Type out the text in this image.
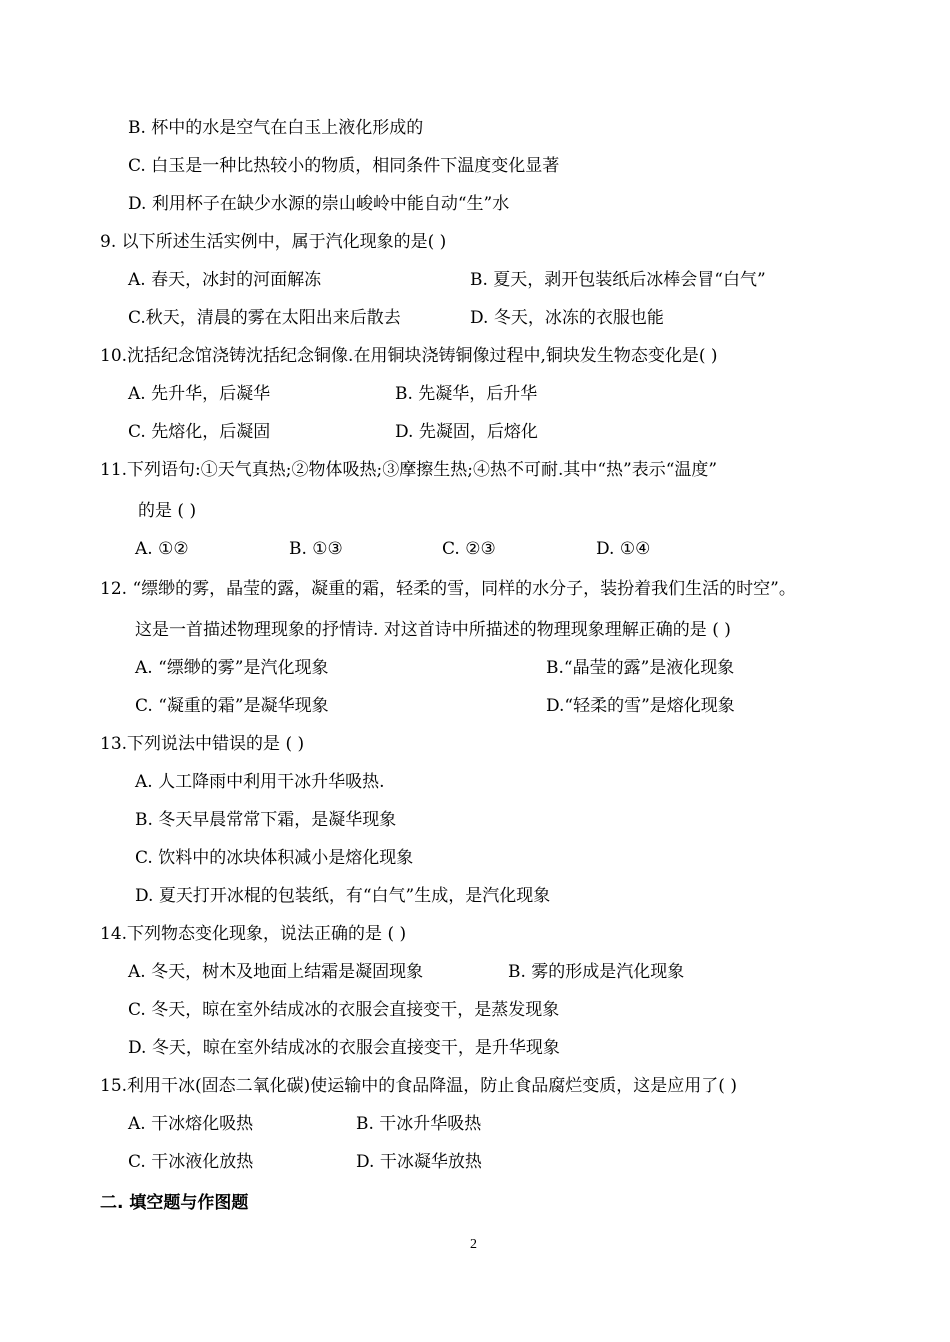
B. 杯中的水是空气在白玉上液化形成的
C. 白玉是一种比热较小的物质，相同条件下温度变化显著
D. 利用杯子在缺少水源的崇山峻岭中能自动“生”水
9. 以下所述生活实例中，属于汽化现象的是( )
A. 春天，冰封的河面解冻	B. 夏天，剥开包装纸后冰棒会冒“白气”
C.秋天，清晨的雾在太阳出来后散去	D. 冬天，冰冻的衣服也能
10.沈括纪念馆浇铸沈括纪念铜像.在用铜块浇铸铜像过程中,铜块发生物态变化是( )
A. 先升华，后凝华	B. 先凝华，后升华
C. 先熔化，后凝固	D. 先凝固，后熔化
11.下列语句:①天气真热;②物体吸热;③摩擦生热;④热不可耐.其中“热”表示“温度”
的是 ( )
A. ①②	B. ①③	C. ②③	D. ①④
12. “缥缈的雾，晶莹的露，凝重的霜，轻柔的雪，同样的水分子，装扮着我们生活的时空”。
这是一首描述物理现象的抒情诗. 对这首诗中所描述的物理现象理解正确的是 ( )
A. “缥缈的雾”是汽化现象	B.“晶莹的露”是液化现象
C. “凝重的霜”是凝华现象	D.“轻柔的雪”是熔化现象
13.下列说法中错误的是 ( )
A. 人工降雨中利用干冰升华吸热.
B. 冬天早晨常常下霜，是凝华现象
C. 饮料中的冰块体积减小是熔化现象
D. 夏天打开冰棍的包装纸，有“白气”生成，是汽化现象
14.下列物态变化现象，说法正确的是 ( )
A. 冬天，树木及地面上结霜是凝固现象	B. 雾的形成是汽化现象
C. 冬天，晾在室外结成冰的衣服会直接变干，是蒸发现象
D. 冬天，晾在室外结成冰的衣服会直接变干，是升华现象
15.利用干冰(固态二氧化碳)使运输中的食品降温，防止食品腐烂变质，这是应用了( )
A. 干冰熔化吸热	B. 干冰升华吸热
C. 干冰液化放热	D. 干冰凝华放热
二. 填空题与作图题
2
